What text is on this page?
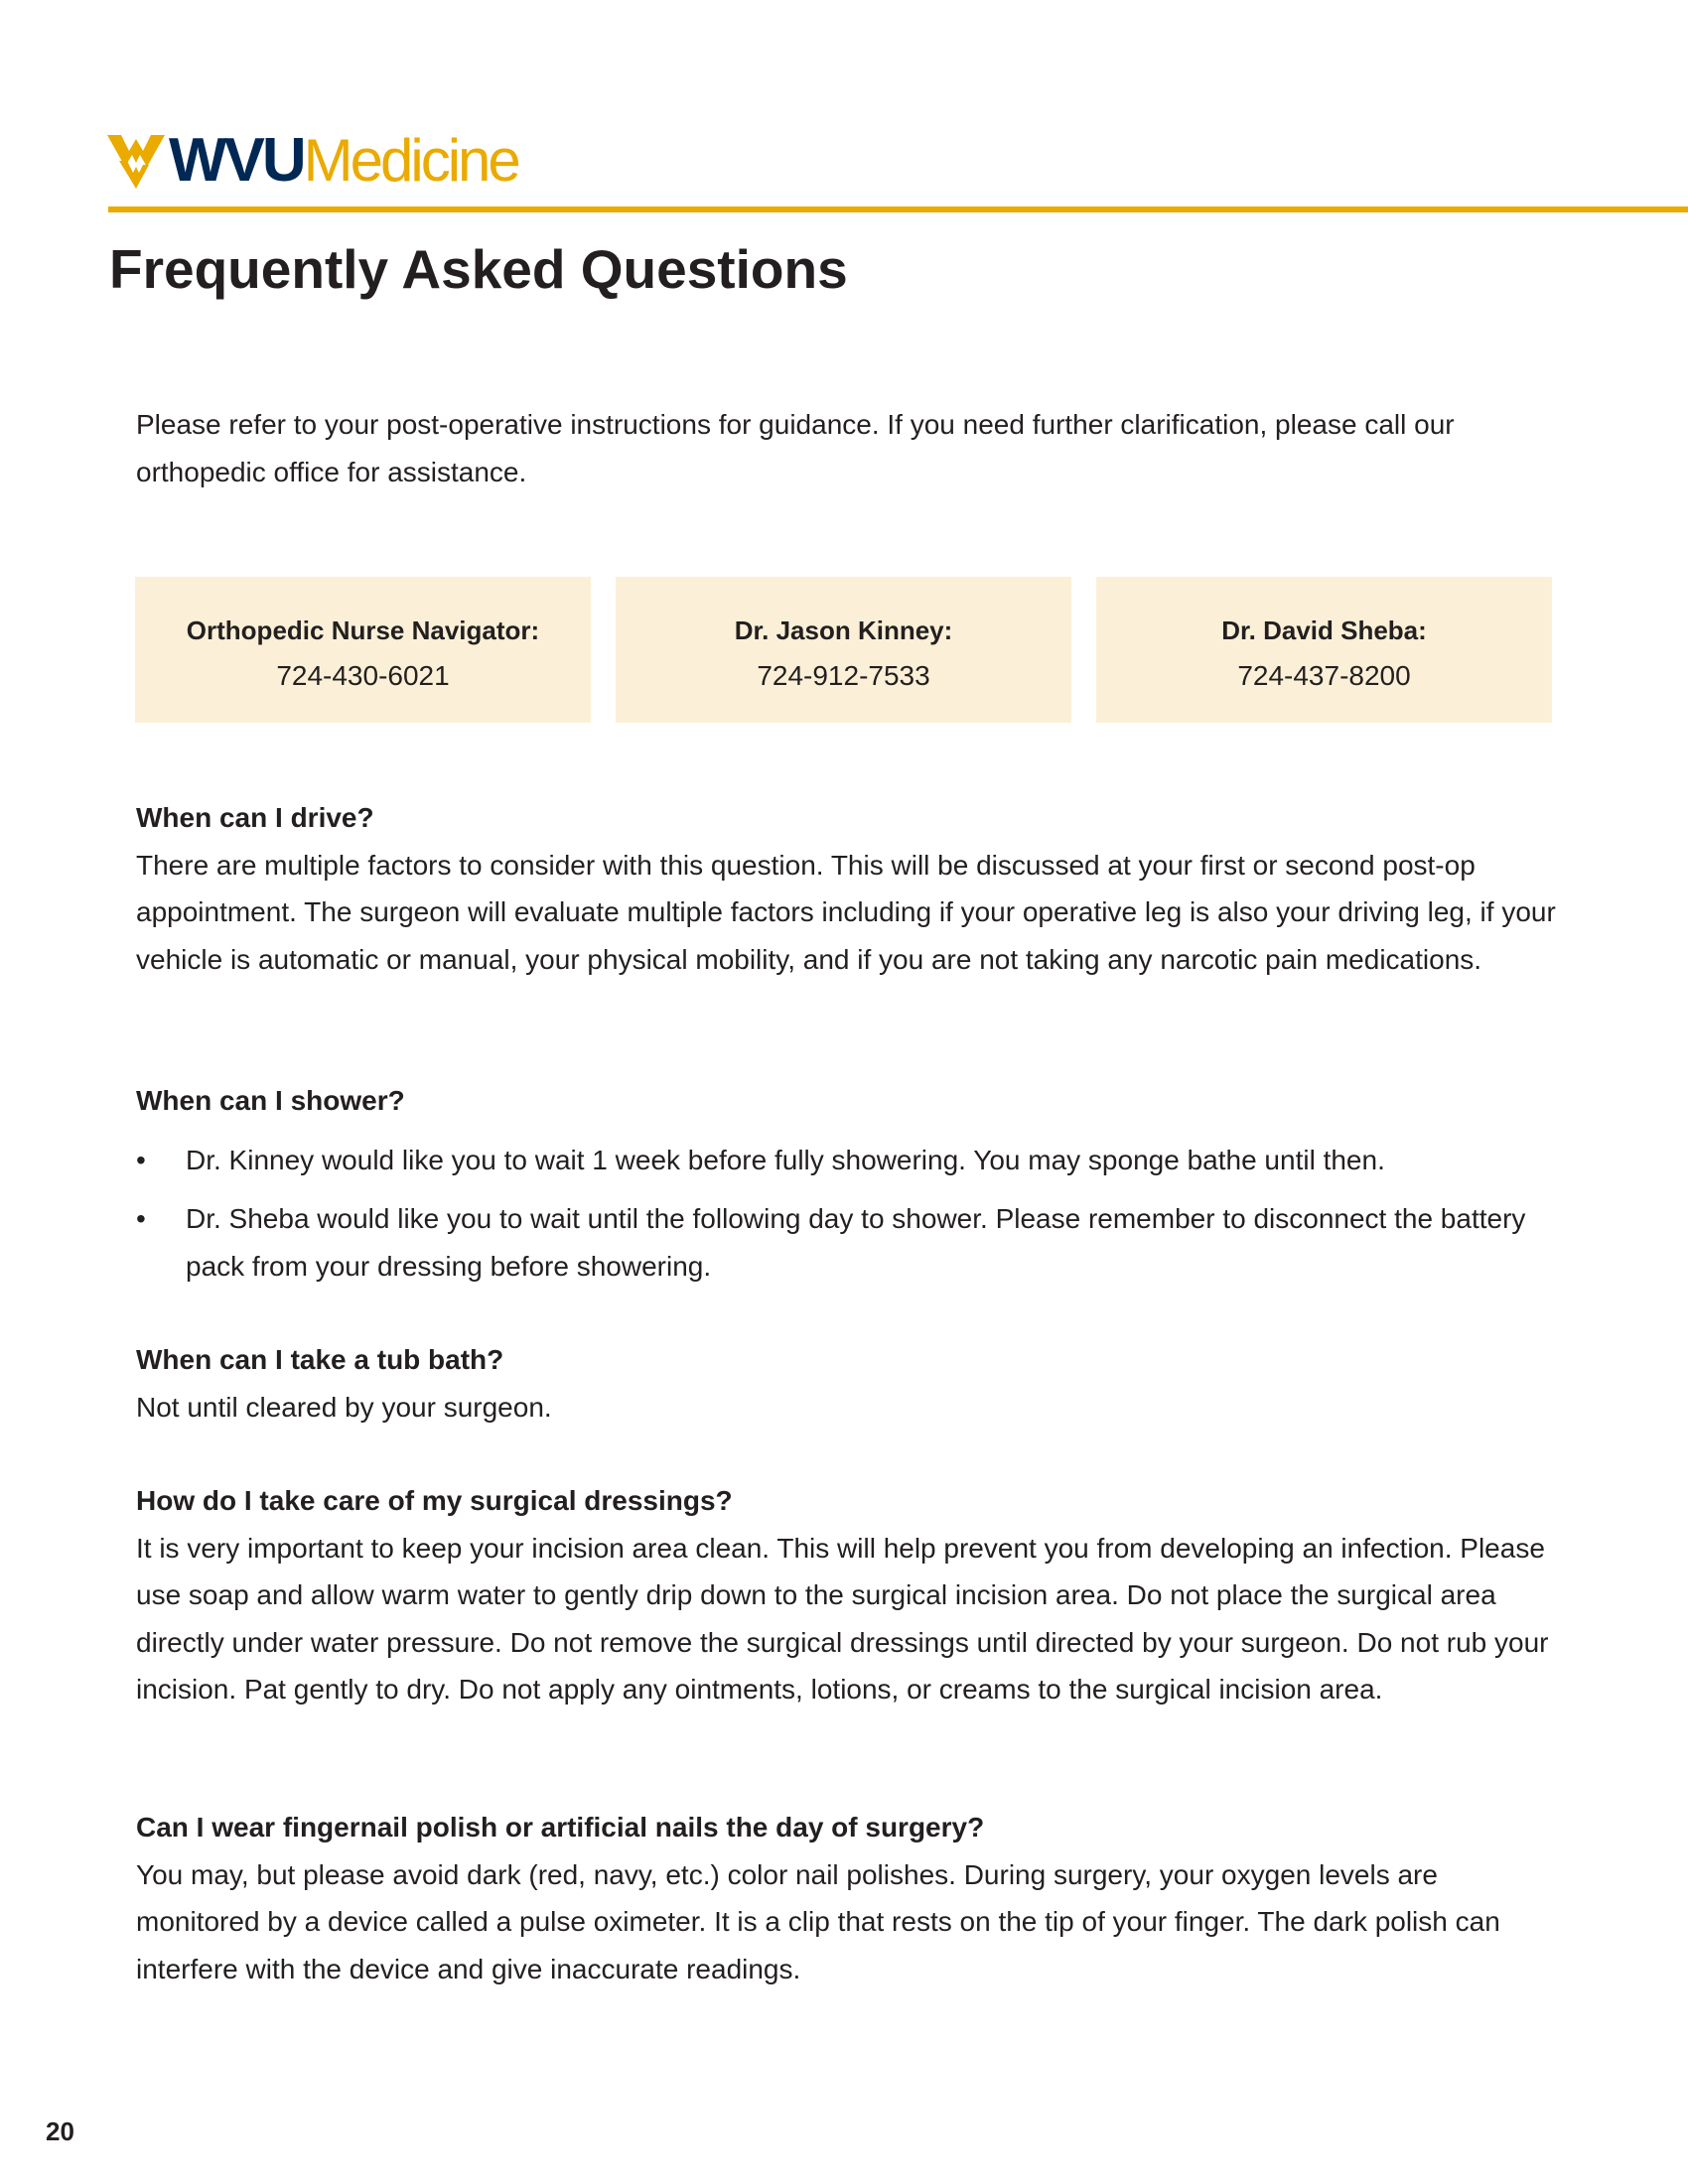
WVU Medicine
Frequently Asked Questions
Please refer to your post-operative instructions for guidance. If you need further clarification, please call our orthopedic office for assistance.
Orthopedic Nurse Navigator:
724-430-6021
Dr. Jason Kinney:
724-912-7533
Dr. David Sheba:
724-437-8200

When can I drive?

There are multiple factors to consider with this question. This will be discussed at your first or second post-op appointment. The surgeon will evaluate multiple factors including if your operative leg is also your driving leg, if your vehicle is automatic or manual, your physical mobility, and if you are not taking any narcotic pain medications.

When can I shower?

• Dr. Kinney would like you to wait 1 week before fully showering. You may sponge bathe until then.
• Dr. Sheba would like you to wait until the following day to shower. Please remember to disconnect the battery pack from your dressing before showering.

When can I take a tub bath?

Not until cleared by your surgeon.

How do I take care of my surgical dressings?

It is very important to keep your incision area clean. This will help prevent you from developing an infection. Please use soap and allow warm water to gently drip down to the surgical incision area. Do not place the surgical area directly under water pressure. Do not remove the surgical dressings until directed by your surgeon. Do not rub your incision. Pat gently to dry. Do not apply any ointments, lotions, or creams to the surgical incision area.

Can I wear fingernail polish or artificial nails the day of surgery?

You may, but please avoid dark (red, navy, etc.) color nail polishes. During surgery, your oxygen levels are monitored by a device called a pulse oximeter. It is a clip that rests on the tip of your finger. The dark polish can interfere with the device and give inaccurate readings.

20
